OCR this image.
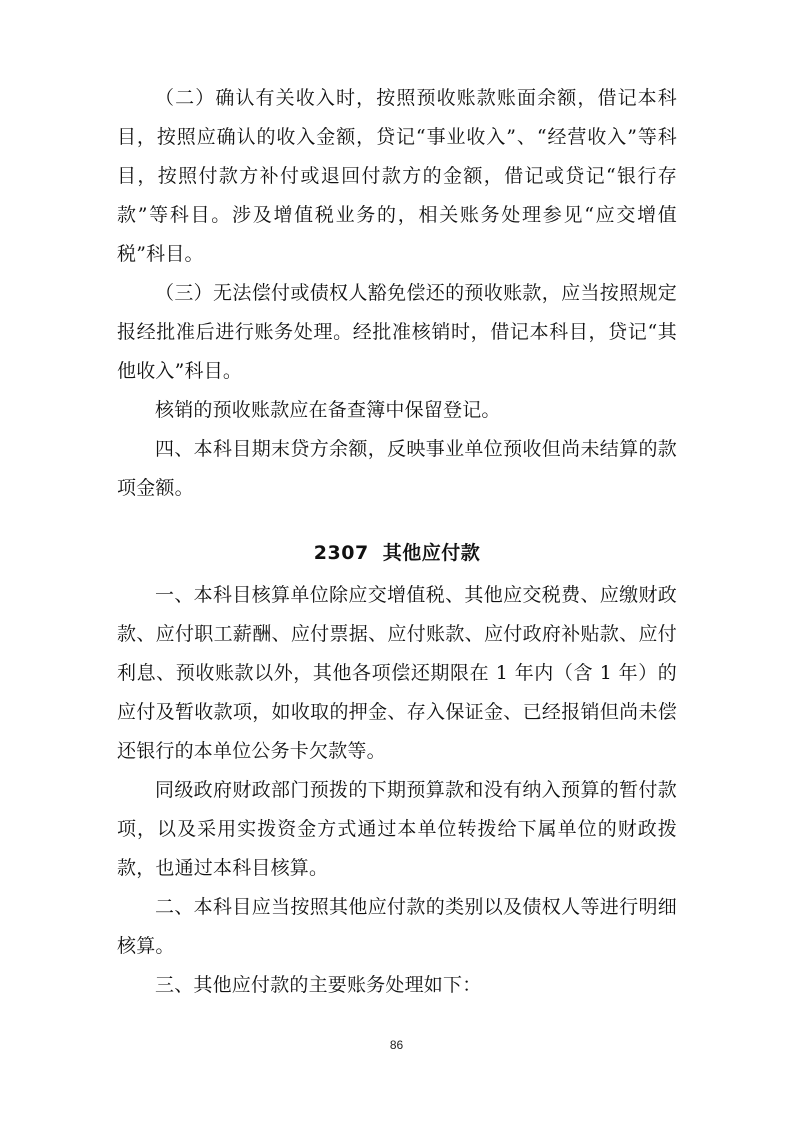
（二）确认有关收入时，按照预收账款账面余额，借记本科目，按照应确认的收入金额，贷记“事业收入”、“经营收入”等科目，按照付款方补付或退回付款方的金额，借记或贷记“银行存款”等科目。涉及增值税业务的，相关账务处理参见“应交增值税”科目。

（三）无法偿付或债权人豁免偿还的预收账款，应当按照规定报经批准后进行账务处理。经批准核销时，借记本科目，贷记“其他收入”科目。

核销的预收账款应在备查簿中保留登记。

四、本科目期末贷方余额，反映事业单位预收但尚未结算的款项金额。

2307 其他应付款

一、本科目核算单位除应交增值税、其他应交税费、应缴财政款、应付职工薪酬、应付票据、应付账款、应付政府补贴款、应付利息、预收账款以外，其他各项偿还期限在 1 年内（含 1 年）的应付及暂收款项，如收取的押金、存入保证金、已经报销但尚未偿还银行的本单位公务卡欠款等。

同级政府财政部门预拨的下期预算款和没有纳入预算的暂付款项，以及采用实拨资金方式通过本单位转拨给下属单位的财政拨款，也通过本科目核算。

二、本科目应当按照其他应付款的类别以及债权人等进行明细核算。

三、其他应付款的主要账务处理如下：

86
